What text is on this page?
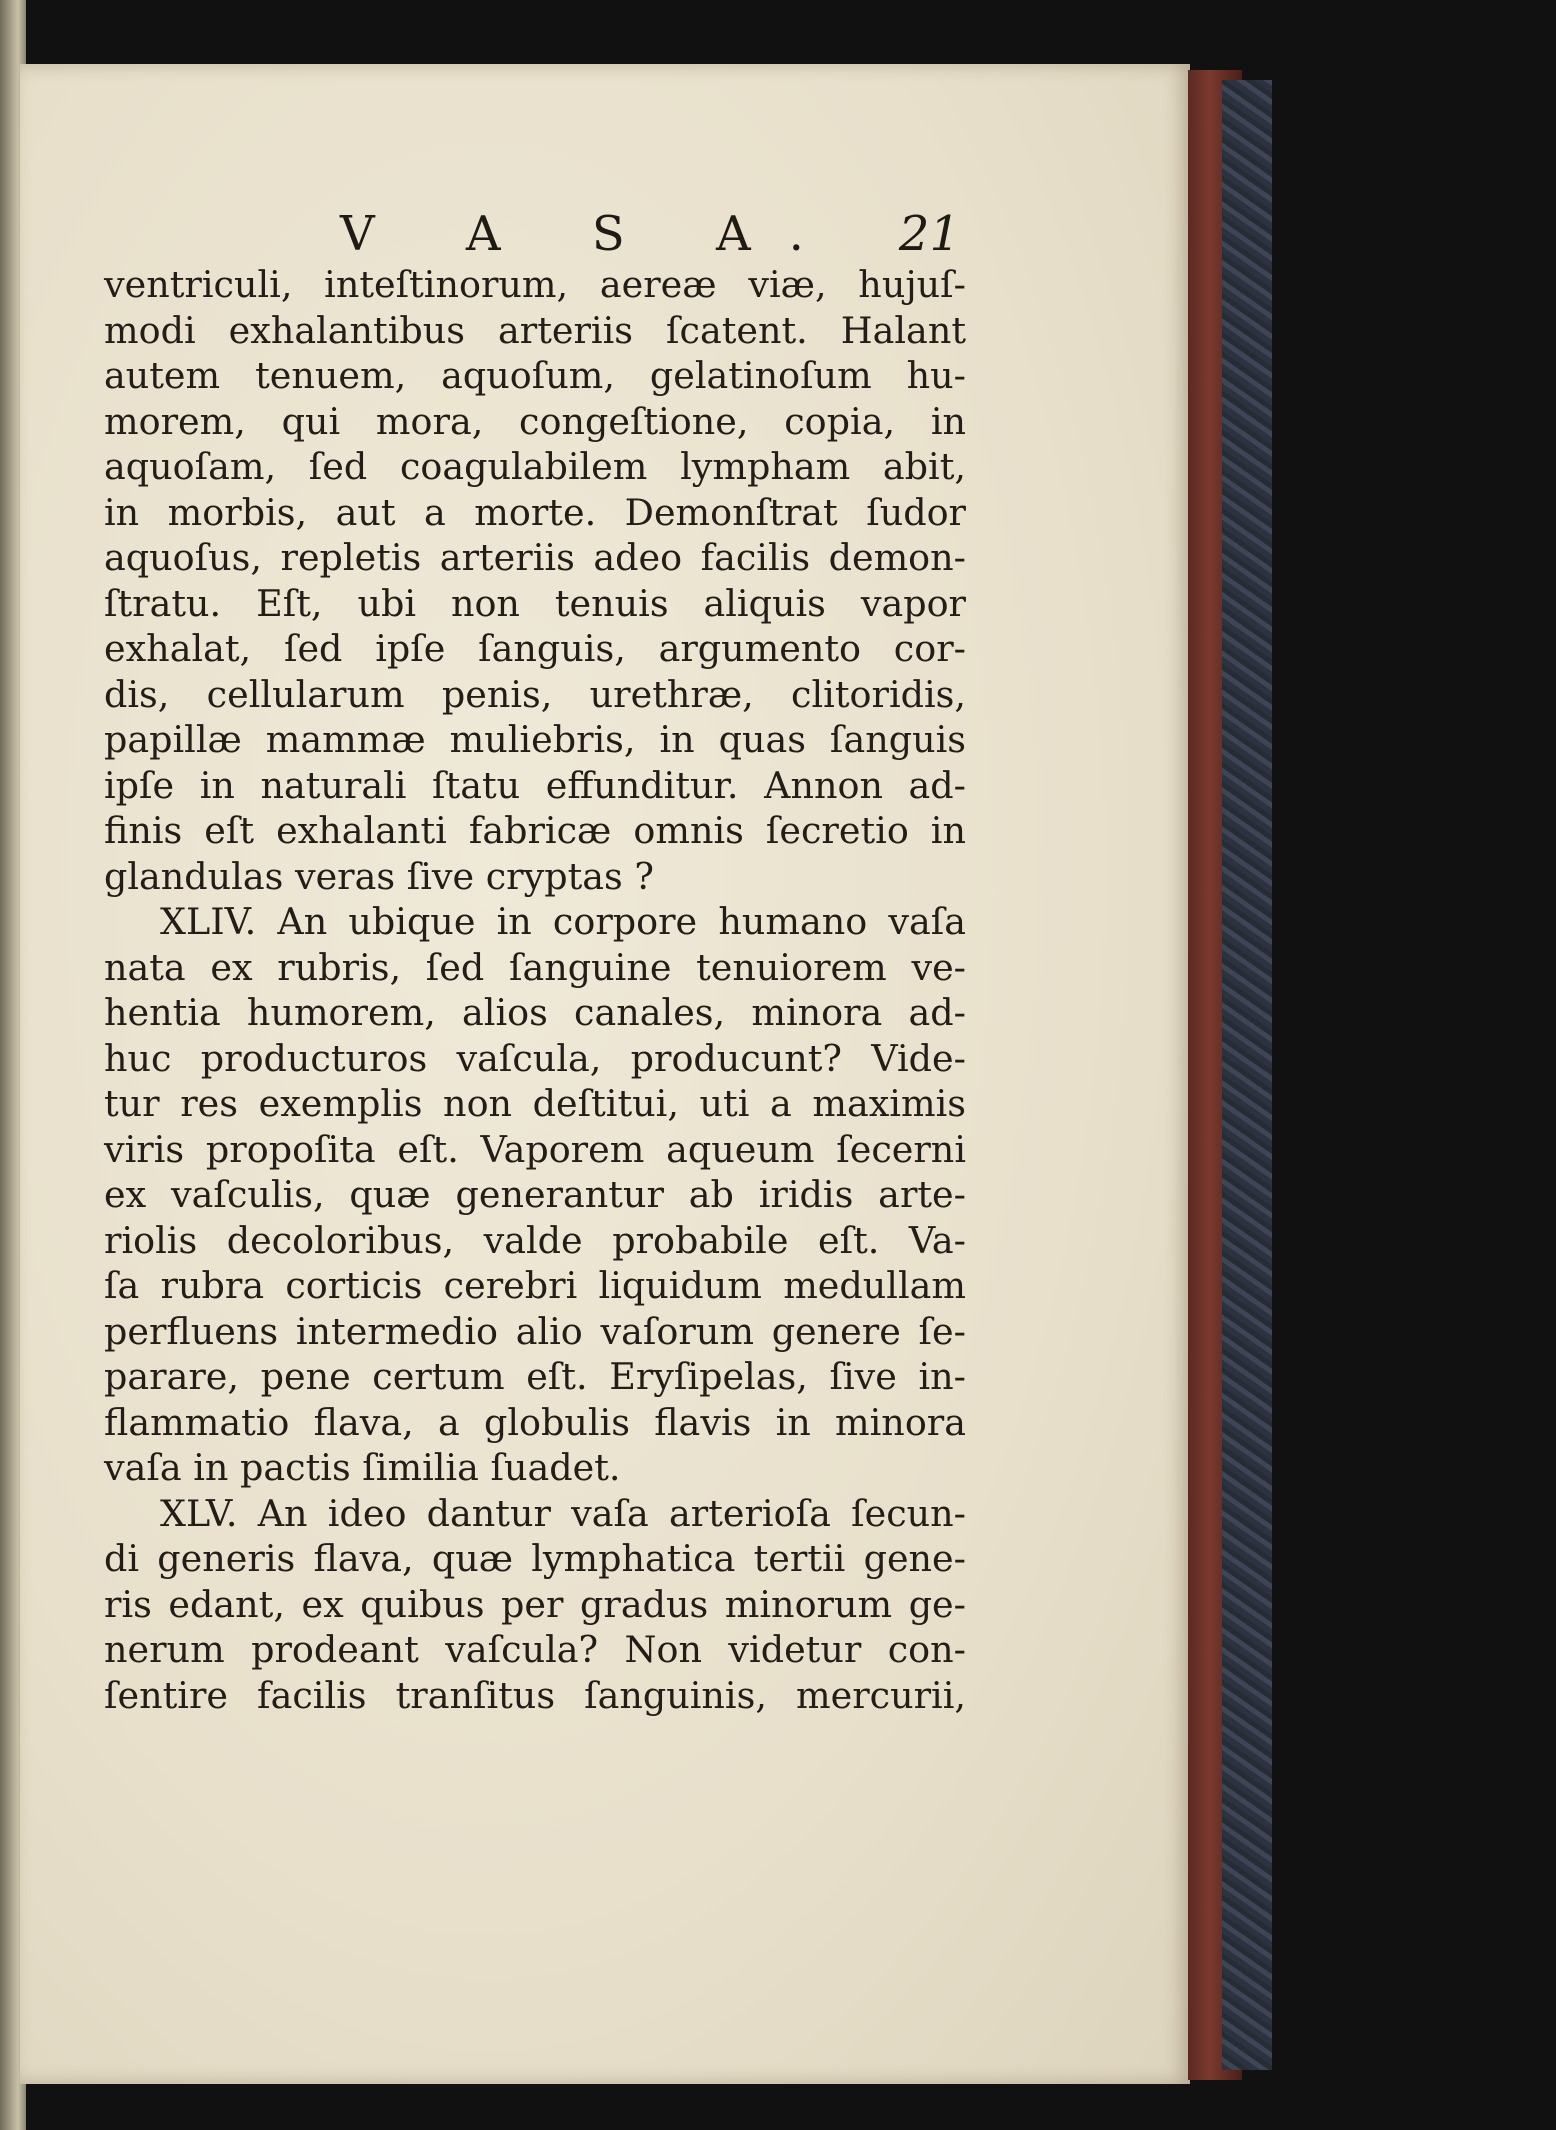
V A S A. 21
ventriculi, inteſtinorum, aereæ viæ, hujuſ-
modi exhalantibus arteriis ſcatent. Halant
autem tenuem, aquoſum, gelatinoſum hu-
morem, qui mora, congeſtione, copia, in
aquoſam, ſed coagulabilem lympham abit,
in morbis, aut a morte. Demonſtrat ſudor
aquoſus, repletis arteriis adeo facilis demon-
ſtratu. Eſt, ubi non tenuis aliquis vapor
exhalat, ſed ipſe ſanguis, argumento cor-
dis, cellularum penis, urethræ, clitoridis,
papillæ mammæ muliebris, in quas ſanguis
ipſe in naturali ſtatu effunditur. Annon ad-
finis eſt exhalanti fabricæ omnis ſecretio in
glandulas veras ſive cryptas ?
XLIV. An ubique in corpore humano vaſa
nata ex rubris, ſed ſanguine tenuiorem ve-
hentia humorem, alios canales, minora ad-
huc producturos vaſcula, producunt? Vide-
tur res exemplis non deſtitui, uti a maximis
viris propoſita eſt. Vaporem aqueum ſecerni
ex vaſculis, quæ generantur ab iridis arte-
riolis decoloribus, valde probabile eſt. Va-
ſa rubra corticis cerebri liquidum medullam
perfluens intermedio alio vaſorum genere ſe-
parare, pene certum eſt. Eryſipelas, ſive in-
flammatio flava, a globulis flavis in minora
vaſa in pactis ſimilia ſuadet.
XLV. An ideo dantur vaſa arterioſa ſecun-
di generis flava, quæ lymphatica tertii gene-
ris edant, ex quibus per gradus minorum ge-
nerum prodeant vaſcula? Non videtur con-
ſentire facilis tranſitus ſanguinis, mercurii,
